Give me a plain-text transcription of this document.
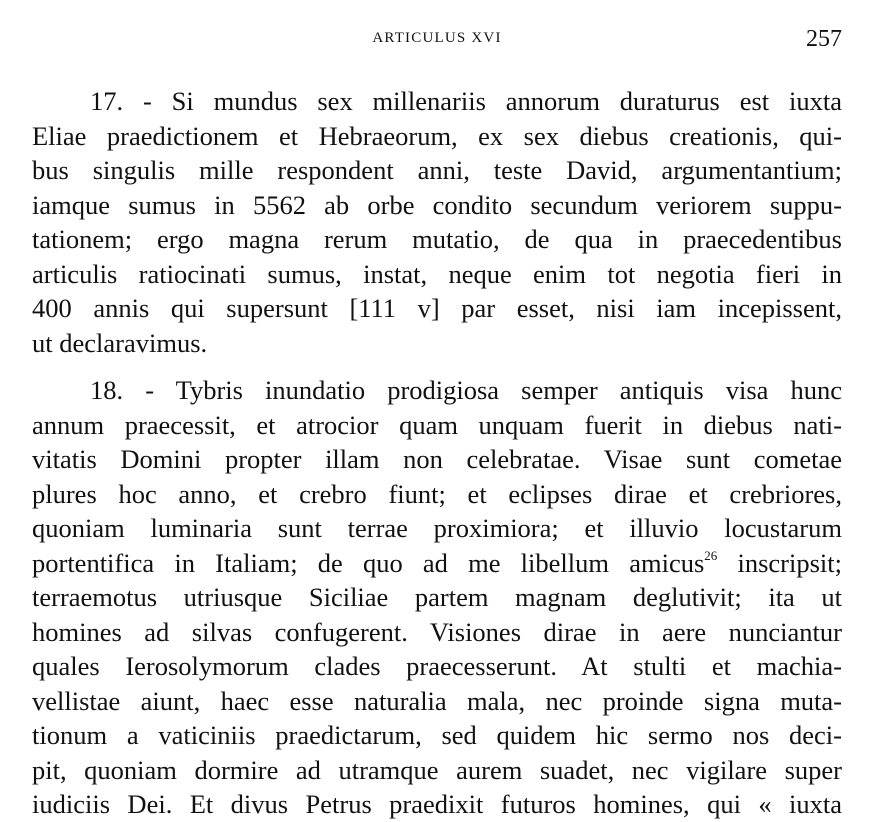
ARTICULUS XVI	257

17. - Si mundus sex millenariis annorum duraturus est iuxta
Eliae praedictionem et Hebraeorum, ex sex diebus creationis, qui-
bus singulis mille respondent anni, teste David, argumentantium;
iamque sumus in 5562 ab orbe condito secundum veriorem suppu-
tationem; ergo magna rerum mutatio, de qua in praecedentibus
articulis ratiocinati sumus, instat, neque enim tot negotia fieri in
400 annis qui supersunt [111 v] par esset, nisi iam incepissent,
ut declaravimus.

18. - Tybris inundatio prodigiosa semper antiquis visa hunc
annum praecessit, et atrocior quam unquam fuerit in diebus nati-
vitatis Domini propter illam non celebratae. Visae sunt cometae
plures hoc anno, et crebro fiunt; et eclipses dirae et crebriores,
quoniam luminaria sunt terrae proximiora; et illuvio locustarum
portentifica in Italiam; de quo ad me libellum amicus$^{26}$ inscripsit;
terraemotus utriusque Siciliae partem magnam deglutivit; ita ut
homines ad silvas confugerent. Visiones dirae in aere nunciantur
quales Ierosolymorum clades praecesserunt. At stulti et machia-
vellistae aiunt, haec esse naturalia mala, nec proinde signa muta-
tionum a vaticiniis praedictarum, sed quidem hic sermo nos deci-
pit, quoniam dormire ad utramque aurem suadet, nec vigilare super
iudiciis Dei. Et divus Petrus praedixit futuros homines, qui « iuxta
